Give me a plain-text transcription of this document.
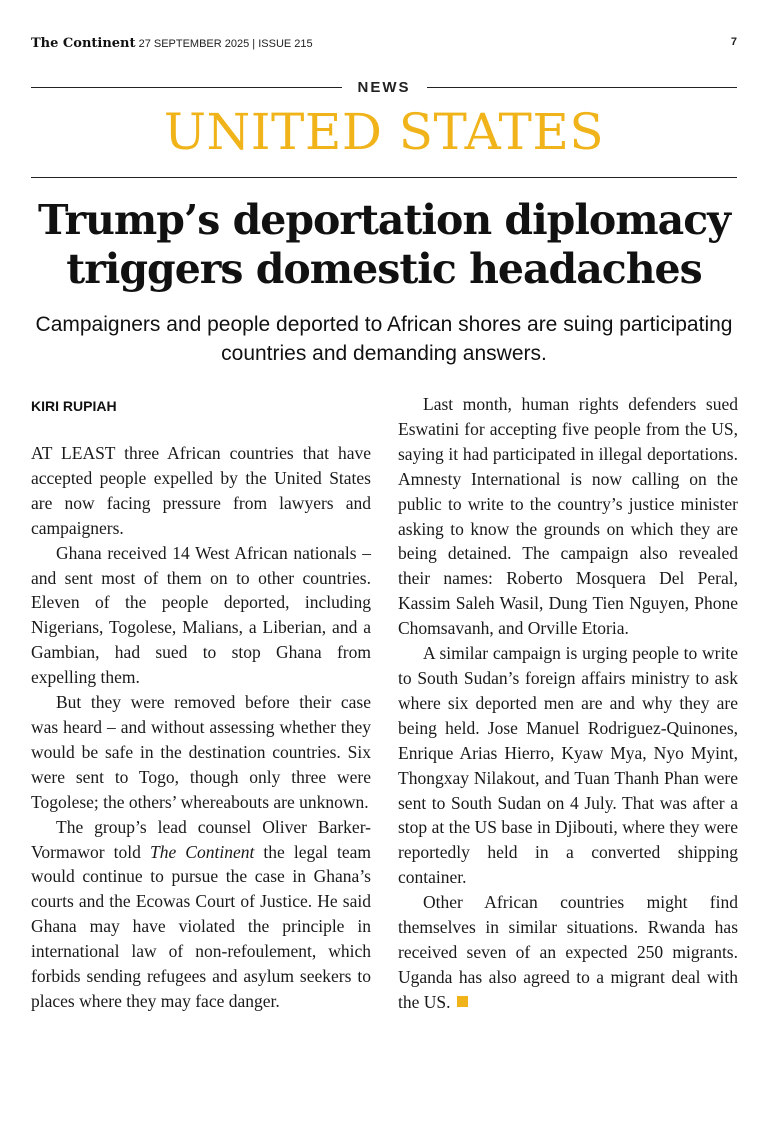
The Continent 27 SEPTEMBER 2025 | ISSUE 215	7
NEWS
UNITED STATES
Trump’s deportation diplomacy
triggers domestic headaches
Campaigners and people deported to African shores are suing participating countries and demanding answers.
KIRI RUPIAH

AT LEAST three African countries that have accepted people expelled by the United States are now facing pressure from lawyers and campaigners.

Ghana received 14 West African nationals – and sent most of them on to other countries. Eleven of the people deported, including Nigerians, Togolese, Malians, a Liberian, and a Gambian, had sued to stop Ghana from expelling them.

But they were removed before their case was heard – and without assessing whether they would be safe in the destination countries. Six were sent to Togo, though only three were Togolese; the others’ whereabouts are unknown.

The group’s lead counsel Oliver Barker-Vormawor told The Continent the legal team would continue to pursue the case in Ghana’s courts and the Ecowas Court of Justice. He said Ghana may have violated the principle in international law of non-refoulement, which forbids sending refugees and asylum seekers to places where they may face danger.

Last month, human rights defenders sued Eswatini for accepting five people from the US, saying it had participated in illegal deportations. Amnesty International is now calling on the public to write to the country’s justice minister asking to know the grounds on which they are being detained. The campaign also revealed their names: Roberto Mosquera Del Peral, Kassim Saleh Wasil, Dung Tien Nguyen, Phone Chomsavanh, and Orville Etoria.

A similar campaign is urging people to write to South Sudan’s foreign affairs ministry to ask where six deported men are and why they are being held. Jose Manuel Rodriguez-Quinones, Enrique Arias Hierro, Kyaw Mya, Nyo Myint, Thongxay Nilakout, and Tuan Thanh Phan were sent to South Sudan on 4 July. That was after a stop at the US base in Djibouti, where they were reportedly held in a converted shipping container.

Other African countries might find themselves in similar situations. Rwanda has received seven of an expected 250 migrants. Uganda has also agreed to a migrant deal with the US.
